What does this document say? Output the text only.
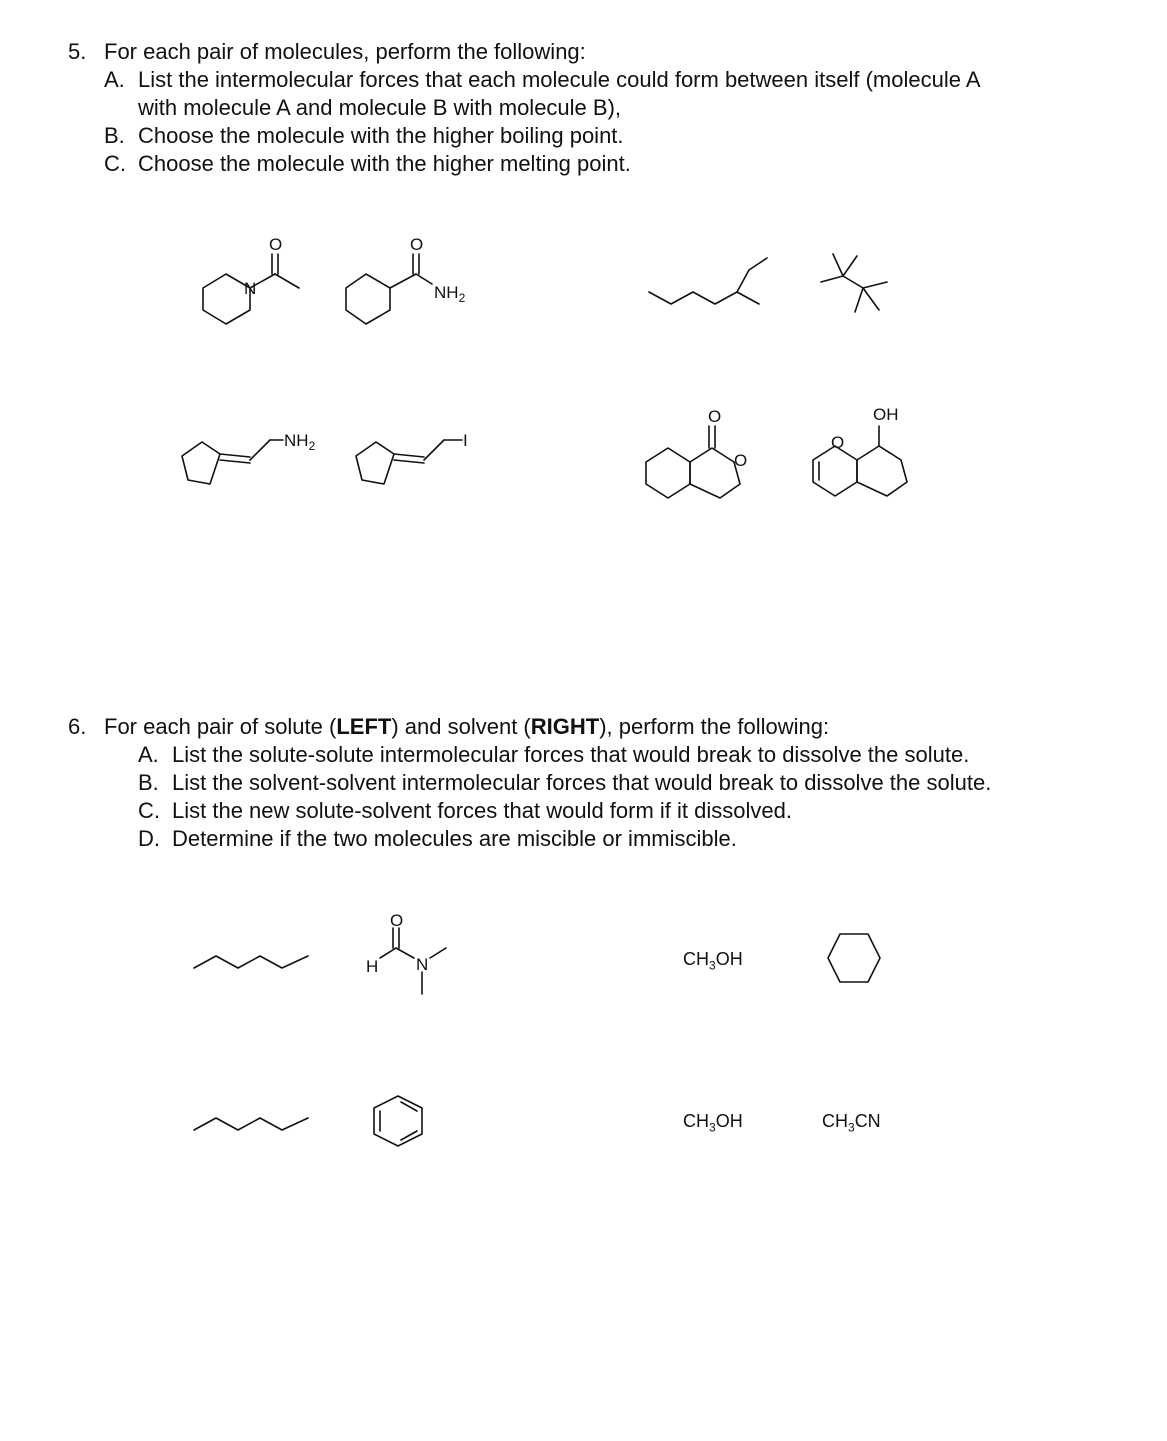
5. For each pair of molecules, perform the following:
A. List the intermolecular forces that each molecule could form between itself (molecule A
with molecule A and molecule B with molecule B),
B. Choose the molecule with the higher boiling point.
C. Choose the molecule with the higher melting point.
O
N
O
$NH_2$
$NH_2$	I
O
O
OH
O
6. For each pair of solute (LEFT) and solvent (RIGHT), perform the following:
A. List the solute-solute intermolecular forces that would break to dissolve the solute.
B. List the solvent-solvent intermolecular forces that would break to dissolve the solute.
C. List the new solute-solvent forces that would form if it dissolved.
D. Determine if the two molecules are miscible or immiscible.
O
H N	$CH_3OH$
$CH_3OH$	$CH_3CN$
